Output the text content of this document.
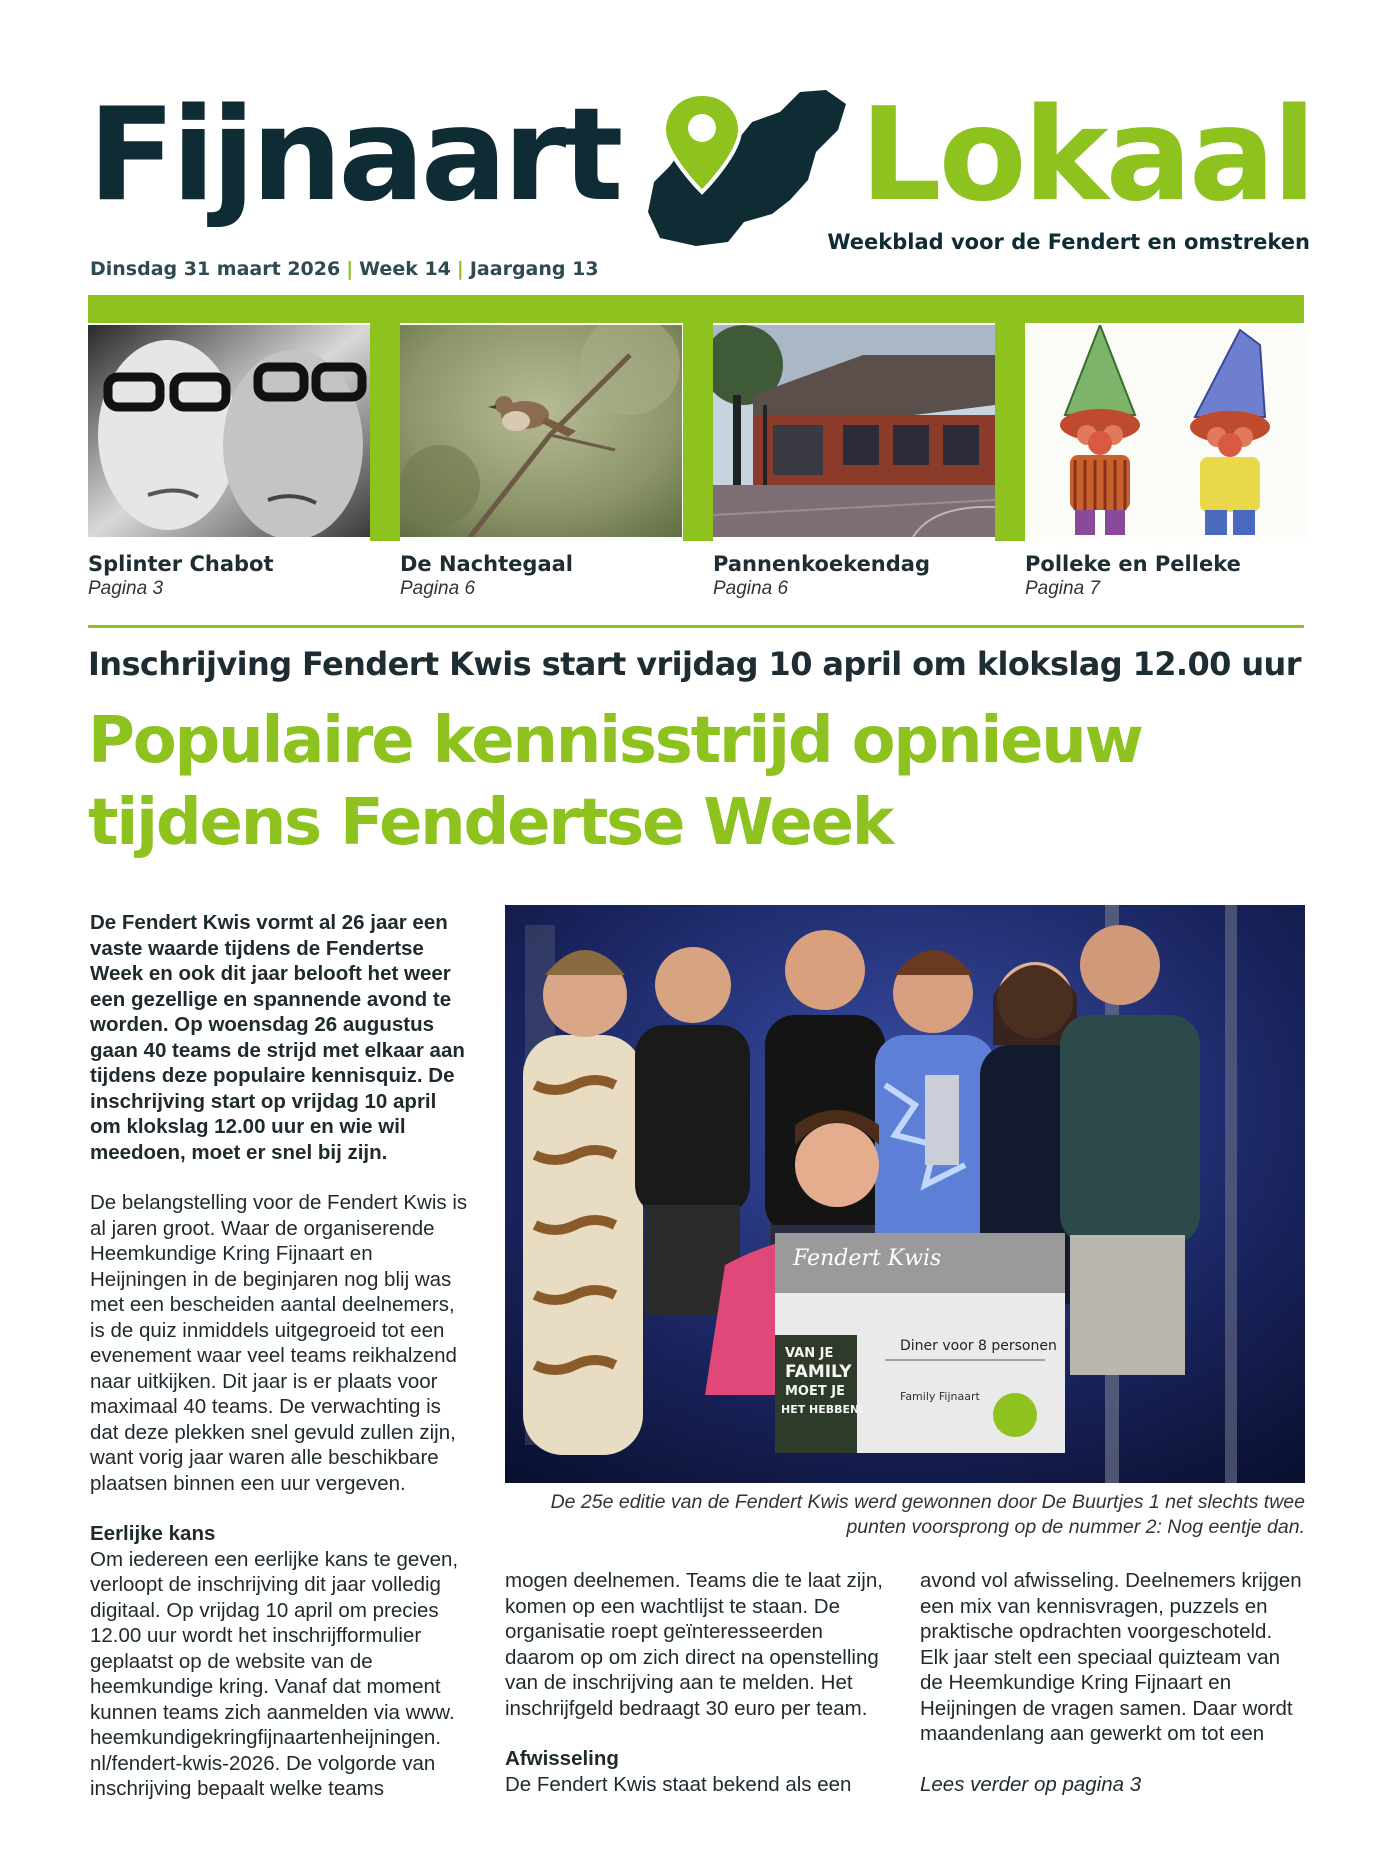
Fijnaart Lokaal
Weekblad voor de Fendert en omstreken
Dinsdag 31 maart 2026 | Week 14 | Jaargang 13
Splinter Chabot
Pagina 3
De Nachtegaal
Pagina 6
Pannenkoekendag
Pagina 6
Polleke en Pelleke
Pagina 7
Inschrijving Fendert Kwis start vrijdag 10 april om klokslag 12.00 uur
Populaire kennisstrijd opnieuw tijdens Fendertse Week

De Fendert Kwis vormt al 26 jaar een vaste waarde tijdens de Fendertse Week en ook dit jaar belooft het weer een gezellige en spannende avond te worden. Op woensdag 26 augustus gaan 40 teams de strijd met elkaar aan tijdens deze populaire kennisquiz. De inschrijving start op vrijdag 10 april om klokslag 12.00 uur en wie wil meedoen, moet er snel bij zijn.

De belangstelling voor de Fendert Kwis is al jaren groot. Waar de organiserende Heemkundige Kring Fijnaart en Heijningen in de beginjaren nog blij was met een bescheiden aantal deelnemers, is de quiz inmiddels uitgegroeid tot een evenement waar veel teams reikhalzend naar uitkijken. Dit jaar is er plaats voor maximaal 40 teams. De verwachting is dat deze plekken snel gevuld zullen zijn, want vorig jaar waren alle beschikbare plaatsen binnen een uur vergeven.

Eerlijke kans

Om iedereen een eerlijke kans te geven, verloopt de inschrijving dit jaar volledig digitaal. Op vrijdag 10 april om precies 12.00 uur wordt het inschrijfformulier geplaatst op de website van de heemkundige kring. Vanaf dat moment kunnen teams zich aanmelden via www. heemkundigekringfijnaartenheijningen. nl/fendert-kwis-2026. De volgorde van inschrijving bepaalt welke teams

Fendert Kwis
VAN JE
FAMILY
MOET JE
HET HEBBEN!
Diner voor 8 personen
Family Fijnaart
De 25e editie van de Fendert Kwis werd gewonnen door De Buurtjes 1 net slechts twee punten voorsprong op de nummer 2: Nog eentje dan.

mogen deelnemen. Teams die te laat zijn, komen op een wachtlijst te staan. De organisatie roept geïnteresseerden daarom op om zich direct na openstelling van de inschrijving aan te melden. Het inschrijfgeld bedraagt 30 euro per team.

Afwisseling

De Fendert Kwis staat bekend als een

avond vol afwisseling. Deelnemers krijgen een mix van kennisvragen, puzzels en praktische opdrachten voorgeschoteld. Elk jaar stelt een speciaal quizteam van de Heemkundige Kring Fijnaart en Heijningen de vragen samen. Daar wordt maandenlang aan gewerkt om tot een

Lees verder op pagina 3
